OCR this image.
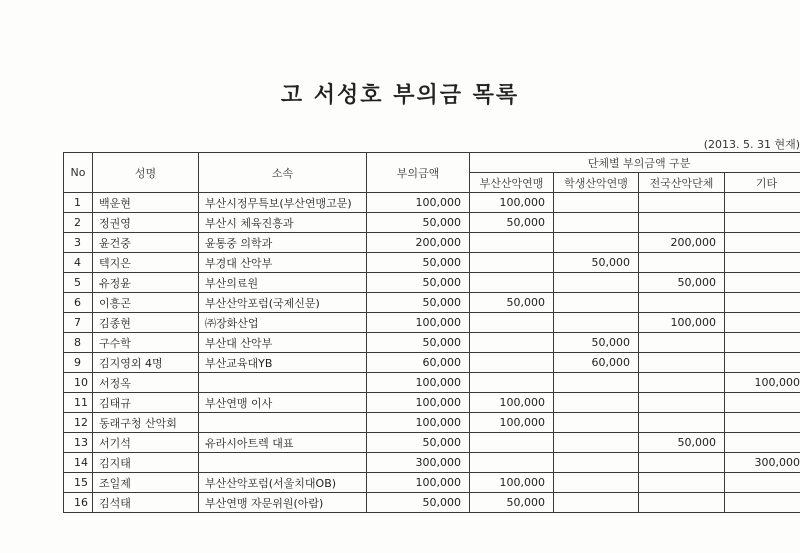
고 서성호 부의금 목록
(2013. 5. 31 현재)
No	성명	소속	부의금액	단체별 부의금액 구분			
				부산산악연맹	학생산악연맹	전국산악단체	기타
1	백운현	부산시정무특보(부산연맹고문)	100,000	100,000			
2	정권영	부산시 체육진흥과	50,000	50,000			
3	윤건중	윤통중 의학과	200,000			200,000	
4	텍지은	부경대 산악부	50,000		50,000		
5	유정윤	부산의료원	50,000			50,000	
6	이흥곤	부산산악포럼(국제신문)	50,000	50,000			
7	김종현	㈜장화산업	100,000			100,000	
8	구수학	부산대 산악부	50,000		50,000		
9	김지영외 4명	부산교육대YB	60,000		60,000		
10	서정옥		100,000				100,000
11	김태규	부산연맹 이사	100,000	100,000			
12	동래구청 산악회		100,000	100,000			
13	서기석	유라시아트렉 대표	50,000			50,000	
14	김지태		300,000				300,000
15	조일제	부산산악포럼(서울치대OB)	100,000	100,000			
16	김석태	부산연맹 자문위원(아람)	50,000	50,000			
